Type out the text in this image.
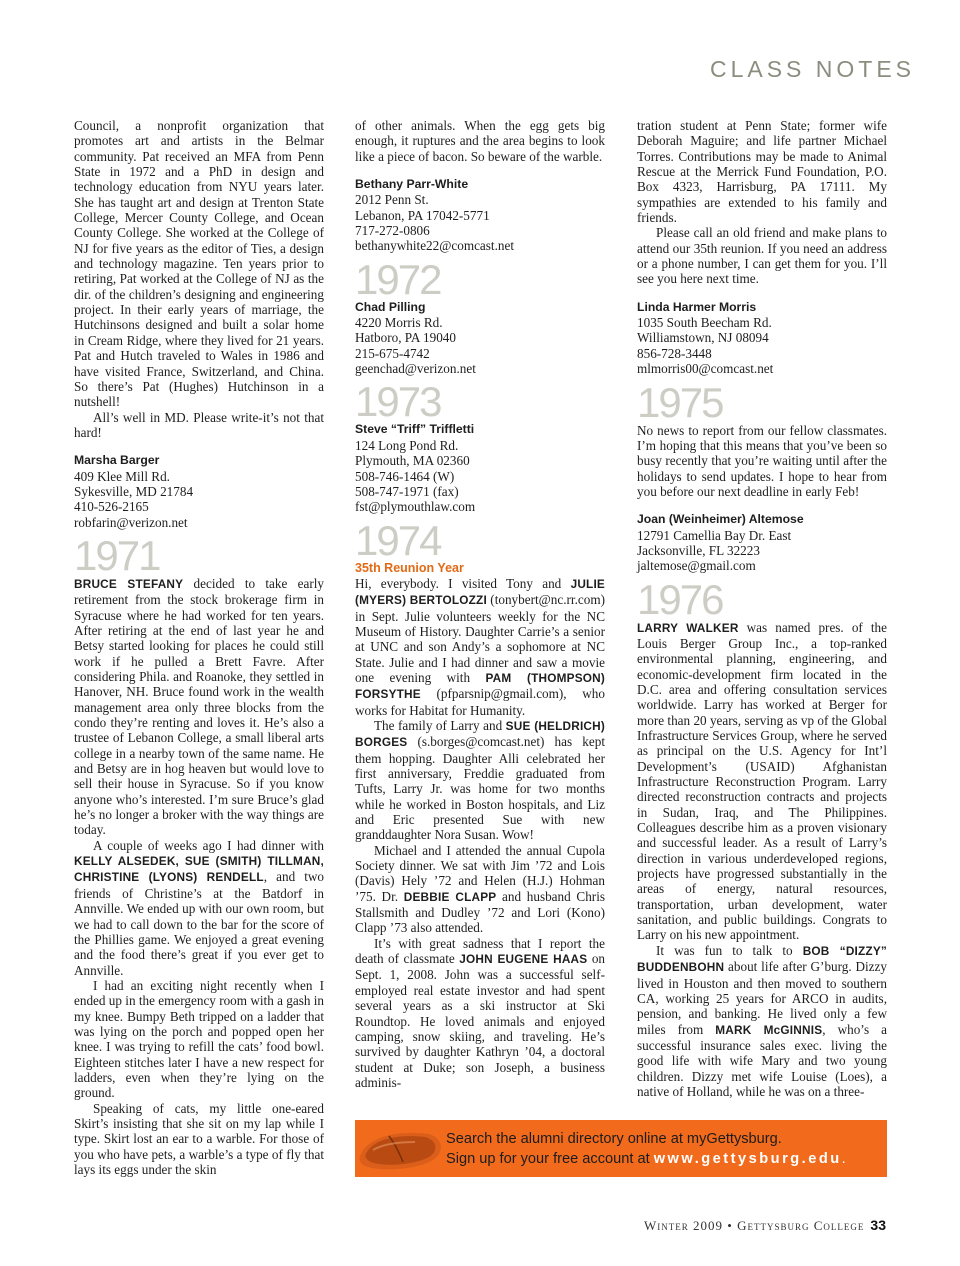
CLASS NOTES

Council, a nonprofit organization that promotes art and artists in the Belmar community. Pat received an MFA from Penn State in 1972 and a PhD in design and technology education from NYU years later. She has taught art and design at Trenton State College, Mercer County College, and Ocean County College. She worked at the College of NJ for five years as the editor of Ties, a design and technology magazine. Ten years prior to retiring, Pat worked at the College of NJ as the dir. of the children’s designing and engineering project. In their early years of marriage, the Hutchinsons designed and built a solar home in Cream Ridge, where they lived for 21 years. Pat and Hutch traveled to Wales in 1986 and have visited France, Switzerland, and China. So there’s Pat (Hughes) Hutchinson in a nutshell!

All’s well in MD. Please write-it’s not that hard!

Marsha Barger
409 Klee Mill Rd.
Sykesville, MD 21784
410-526-2165
robfarin@verizon.net
1971

BRUCE STEFANY decided to take early retirement from the stock brokerage firm in Syracuse where he had worked for ten years. After retiring at the end of last year he and Betsy started looking for places he could still work if he pulled a Brett Favre. After considering Phila. and Roanoke, they settled in Hanover, NH. Bruce found work in the wealth management area only three blocks from the condo they’re renting and loves it. He’s also a trustee of Lebanon College, a small liberal arts college in a nearby town of the same name. He and Betsy are in hog heaven but would love to sell their house in Syracuse. So if you know anyone who’s interested. I’m sure Bruce’s glad he’s no longer a broker with the way things are today.

A couple of weeks ago I had dinner with KELLY ALSEDEK, SUE (SMITH) TILLMAN, CHRISTINE (LYONS) RENDELL, and two friends of Christine’s at the Batdorf in Annville. We ended up with our own room, but we had to call down to the bar for the score of the Phillies game. We enjoyed a great evening and the food there’s great if you ever get to Annville.

I had an exciting night recently when I ended up in the emergency room with a gash in my knee. Bumpy Beth tripped on a ladder that was lying on the porch and popped open her knee. I was trying to refill the cats’ food bowl. Eighteen stitches later I have a new respect for ladders, even when they’re lying on the ground.

Speaking of cats, my little one-eared Skirt’s insisting that she sit on my lap while I type. Skirt lost an ear to a warble. For those of you who have pets, a warble’s a type of fly that lays its eggs under the skin

of other animals. When the egg gets big enough, it ruptures and the area begins to look like a piece of bacon. So beware of the warble.

Bethany Parr-White
2012 Penn St.
Lebanon, PA 17042-5771
717-272-0806
bethanywhite22@comcast.net
1972
Chad Pilling
4220 Morris Rd.
Hatboro, PA 19040
215-675-4742
geenchad@verizon.net
1973
Steve “Triff” Triffletti
124 Long Pond Rd.
Plymouth, MA 02360
508-746-1464 (W)
508-747-1971 (fax)
fst@plymouthlaw.com
1974
35th Reunion Year

Hi, everybody. I visited Tony and JULIE (MYERS) BERTOLOZZI (tonybert@nc.rr.com) in Sept. Julie volunteers weekly for the NC Museum of History. Daughter Carrie’s a senior at UNC and son Andy’s a sophomore at NC State. Julie and I had dinner and saw a movie one evening with PAM (THOMPSON) FORSYTHE (pfparsnip@gmail.com), who works for Habitat for Humanity.

The family of Larry and SUE (HELDRICH) BORGES (s.borges@comcast.net) has kept them hopping. Daughter Alli celebrated her first anniversary, Freddie graduated from Tufts, Larry Jr. was home for two months while he worked in Boston hospitals, and Liz and Eric presented Sue with new granddaughter Nora Susan. Wow!

Michael and I attended the annual Cupola Society dinner. We sat with Jim ’72 and Lois (Davis) Hely ’72 and Helen (H.J.) Hohman ’75. Dr. DEBBIE CLAPP and husband Chris Stallsmith and Dudley ’72 and Lori (Kono) Clapp ’73 also attended.

It’s with great sadness that I report the death of classmate JOHN EUGENE HAAS on Sept. 1, 2008. John was a successful self-employed real estate investor and had spent several years as a ski instructor at Ski Roundtop. He loved animals and enjoyed camping, snow skiing, and traveling. He’s survived by daughter Kathryn ’04, a doctoral student at Duke; son Joseph, a business adminis-

tration student at Penn State; former wife Deborah Maguire; and life partner Michael Torres. Contributions may be made to Animal Rescue at the Merrick Fund Foundation, P.O. Box 4323, Harrisburg, PA 17111. My sympathies are extended to his family and friends.

Please call an old friend and make plans to attend our 35th reunion. If you need an address or a phone number, I can get them for you. I’ll see you here next time.

Linda Harmer Morris
1035 South Beecham Rd.
Williamstown, NJ 08094
856-728-3448
mlmorris00@comcast.net
1975

No news to report from our fellow classmates. I’m hoping that this means that you’ve been so busy recently that you’re waiting until after the holidays to send updates. I hope to hear from you before our next deadline in early Feb!

Joan (Weinheimer) Altemose
12791 Camellia Bay Dr. East
Jacksonville, FL 32223
jaltemose@gmail.com
1976

LARRY WALKER was named pres. of the Louis Berger Group Inc., a top-ranked environmental planning, engineering, and economic-development firm located in the D.C. area and offering consultation services worldwide. Larry has worked at Berger for more than 20 years, serving as vp of the Global Infrastructure Services Group, where he served as principal on the U.S. Agency for Int’l Development’s (USAID) Afghanistan Infrastructure Reconstruction Program. Larry directed reconstruction contracts and projects in Sudan, Iraq, and The Philippines. Colleagues describe him as a proven visionary and successful leader. As a result of Larry’s direction in various underdeveloped regions, projects have progressed substantially in the areas of energy, natural resources, transportation, urban development, water sanitation, and public buildings. Congrats to Larry on his new appointment.

It was fun to talk to BOB “DIZZY” BUDDENBOHN about life after G’burg. Dizzy lived in Houston and then moved to southern CA, working 25 years for ARCO in audits, pension, and banking. He lived only a few miles from MARK McGINNIS, who’s a successful insurance sales exec. living the good life with wife Mary and two young children. Dizzy met wife Louise (Loes), a native of Holland, while he was on a three-

Search the alumni directory online at myGettysburg.
Sign up for your free account at www.gettysburg.edu.
Winter 2009 • Gettysburg College 33
